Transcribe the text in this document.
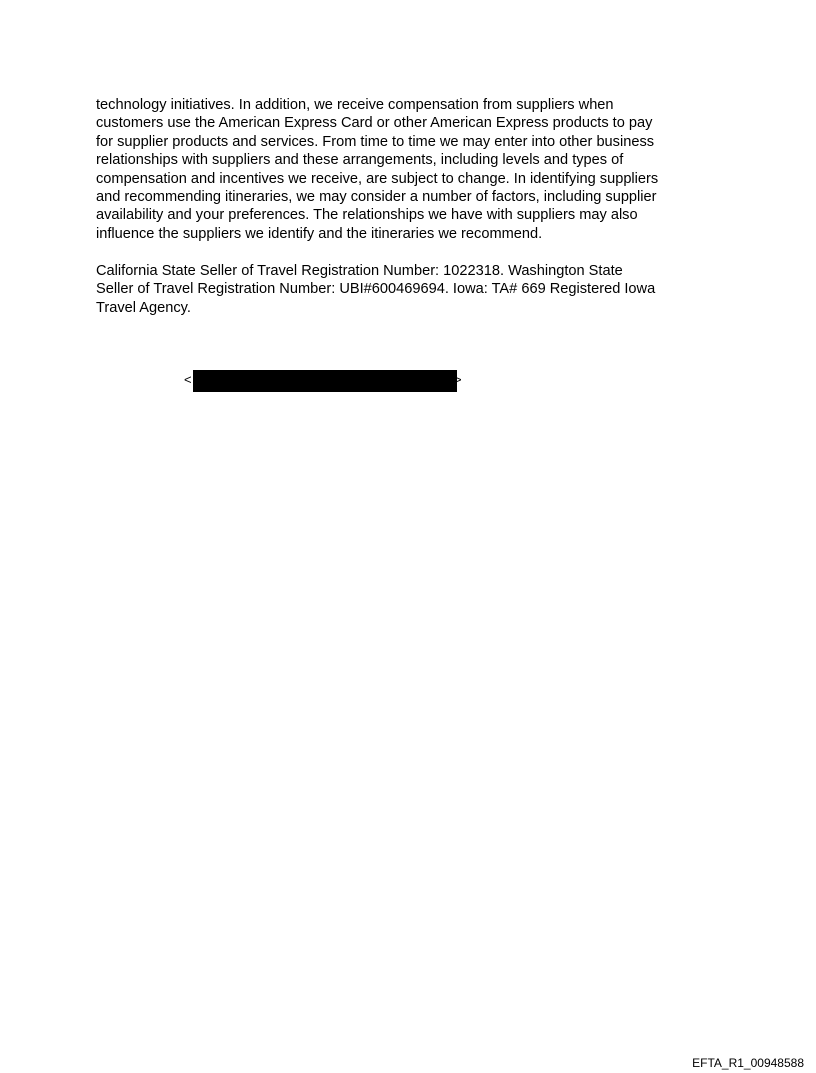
technology initiatives. In addition, we receive compensation from suppliers when
customers use the American Express Card or other American Express products to pay
for supplier products and services. From time to time we may enter into other business
relationships with suppliers and these arrangements, including levels and types of
compensation and incentives we receive, are subject to change. In identifying suppliers
and recommending itineraries, we may consider a number of factors, including supplier
availability and your preferences. The relationships we have with suppliers may also
influence the suppliers we identify and the itineraries we recommend.

California State Seller of Travel Registration Number: 1022318. Washington State
Seller of Travel Registration Number: UBI#600469694. Iowa: TA# 669 Registered Iowa
Travel Agency.

<	>
EFTA_R1_00948588
